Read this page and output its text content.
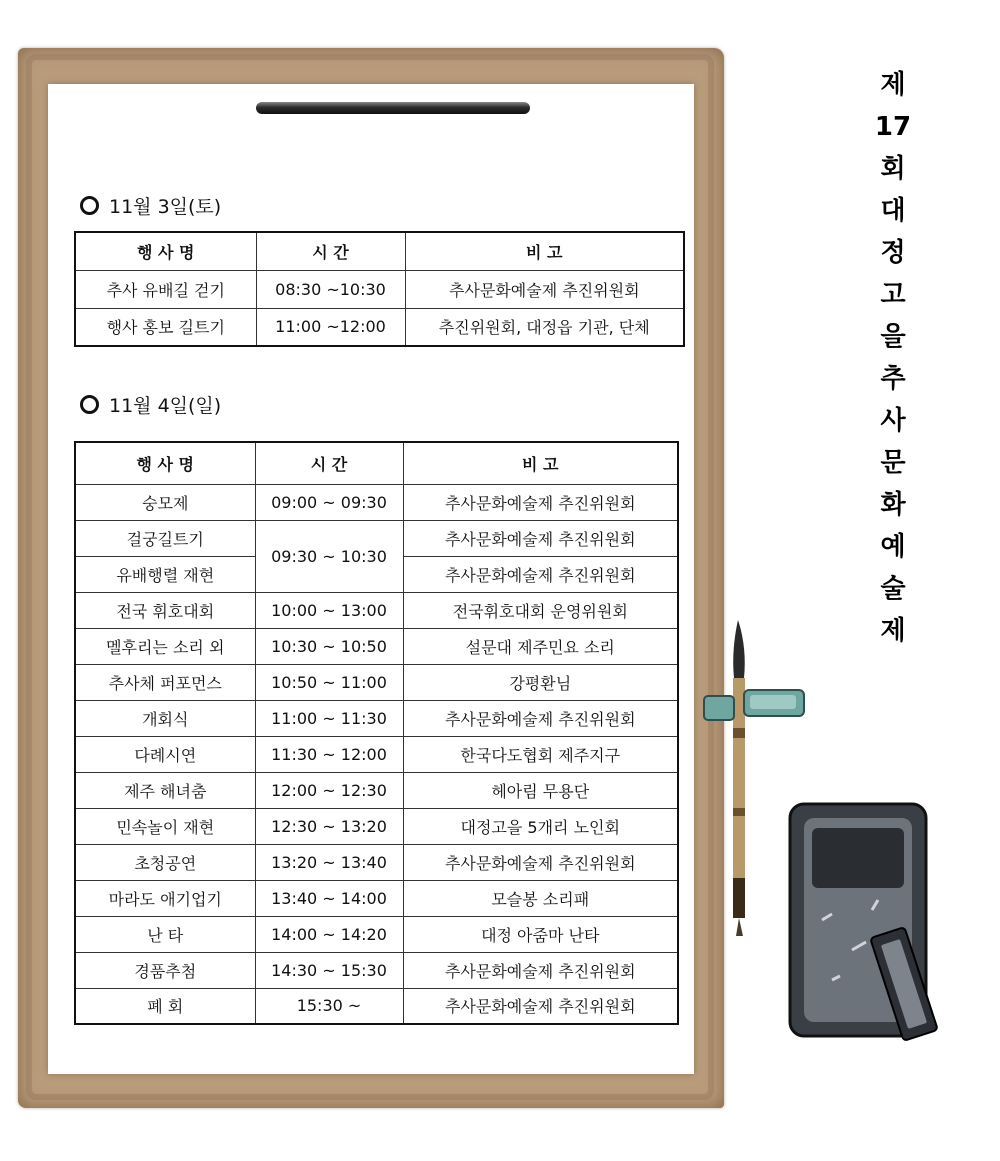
11월 3일(토)
행 사 명	시 간	비 고
추사 유배길 걷기	08:30 ~10:30	추사문화예술제 추진위원회
행사 홍보 길트기	11:00 ~12:00	추진위원회, 대정읍 기관, 단체
11월 4일(일)
행 사 명	시 간	비 고
숭모제	09:00 ~ 09:30	추사문화예술제 추진위원회
걸궁길트기	09:30 ~ 10:30	추사문화예술제 추진위원회
유배행렬 재현		추사문화예술제 추진위원회
전국 휘호대회	10:00 ~ 13:00	전국휘호대회 운영위원회
멜후리는 소리 외	10:30 ~ 10:50	설문대 제주민요 소리
추사체 퍼포먼스	10:50 ~ 11:00	강평환님
개회식	11:00 ~ 11:30	추사문화예술제 추진위원회
다례시연	11:30 ~ 12:00	한국다도협회 제주지구
제주 해녀춤	12:00 ~ 12:30	헤아림 무용단
민속놀이 재현	12:30 ~ 13:20	대정고을 5개리 노인회
초청공연	13:20 ~ 13:40	추사문화예술제 추진위원회
마라도 애기업기	13:40 ~ 14:00	모슬봉 소리패
난 타	14:00 ~ 14:20	대정 아줌마 난타
경품추첨	14:30 ~ 15:30	추사문화예술제 추진위원회
폐 회	15:30 ~	추사문화예술제 추진위원회
제
17
회
대
정
고
을
추
사
문
화
예
술
제
